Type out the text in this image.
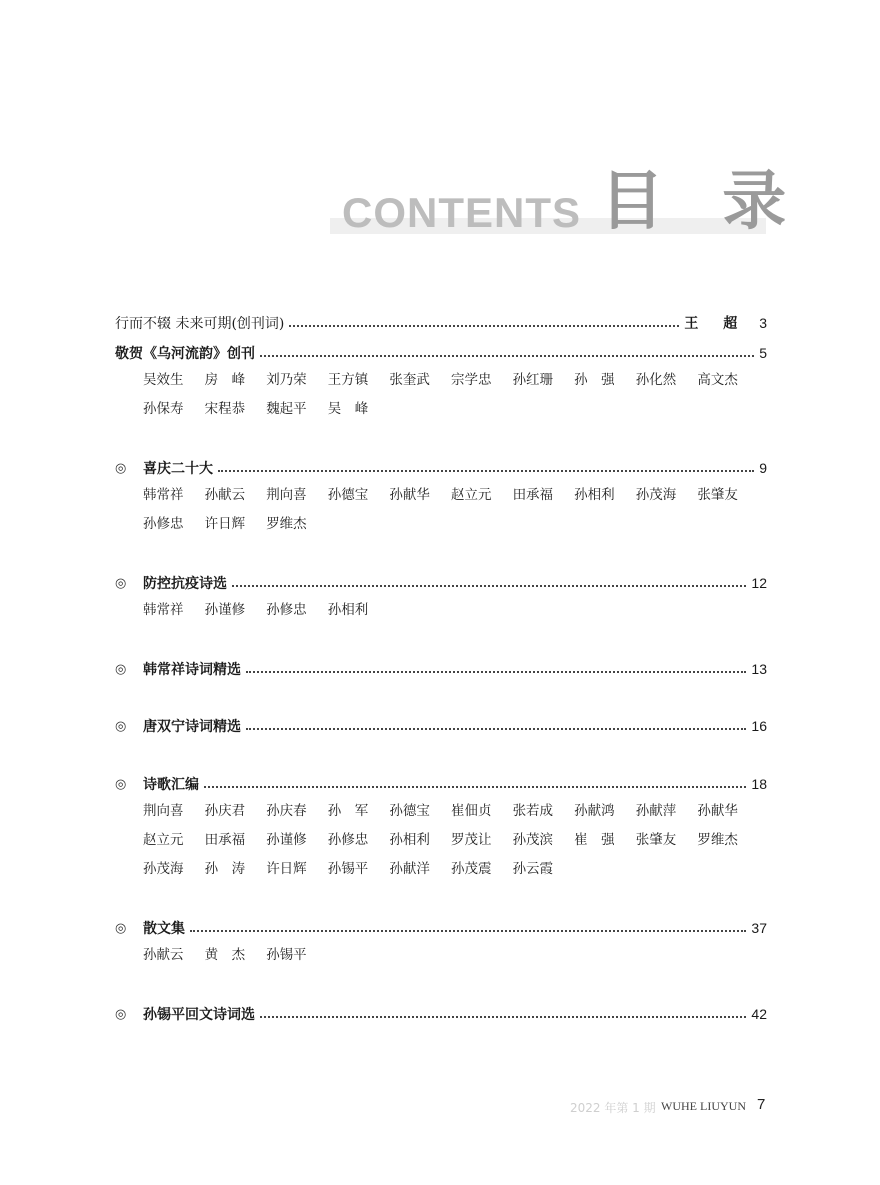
CONTENTS 目 录
行而不辍 未来可期(创刊词)	王 超 3
敬贺《乌河流韵》创刊	5
吴效生	房　峰	刘乃荣	王方镇	张奎武	宗学忠	孙红珊	孙　强	孙化然	高文杰
孙保寿	宋程恭	魏起平	吴　峰
◎	喜庆二十大	9
韩常祥	孙献云	荆向喜	孙德宝	孙献华	赵立元	田承福	孙相利	孙茂海	张肇友
孙修忠	许日辉	罗维杰
◎	防控抗疫诗选	12
韩常祥	孙谨修	孙修忠	孙相利
◎	韩常祥诗词精选	13
◎	唐双宁诗词精选	16
◎	诗歌汇编	18
荆向喜	孙庆君	孙庆春	孙　军	孙德宝	崔佃贞	张若成	孙献鸿	孙献萍	孙献华
赵立元	田承福	孙谨修	孙修忠	孙相利	罗茂让	孙茂滨	崔　强	张肇友	罗维杰
孙茂海	孙　涛	许日辉	孙锡平	孙献洋	孙茂震	孙云霞
◎	散文集	37
孙献云	黄　杰	孙锡平
◎	孙锡平回文诗词选	42
2022 年第 1 期 WUHE LIUYUN 7
